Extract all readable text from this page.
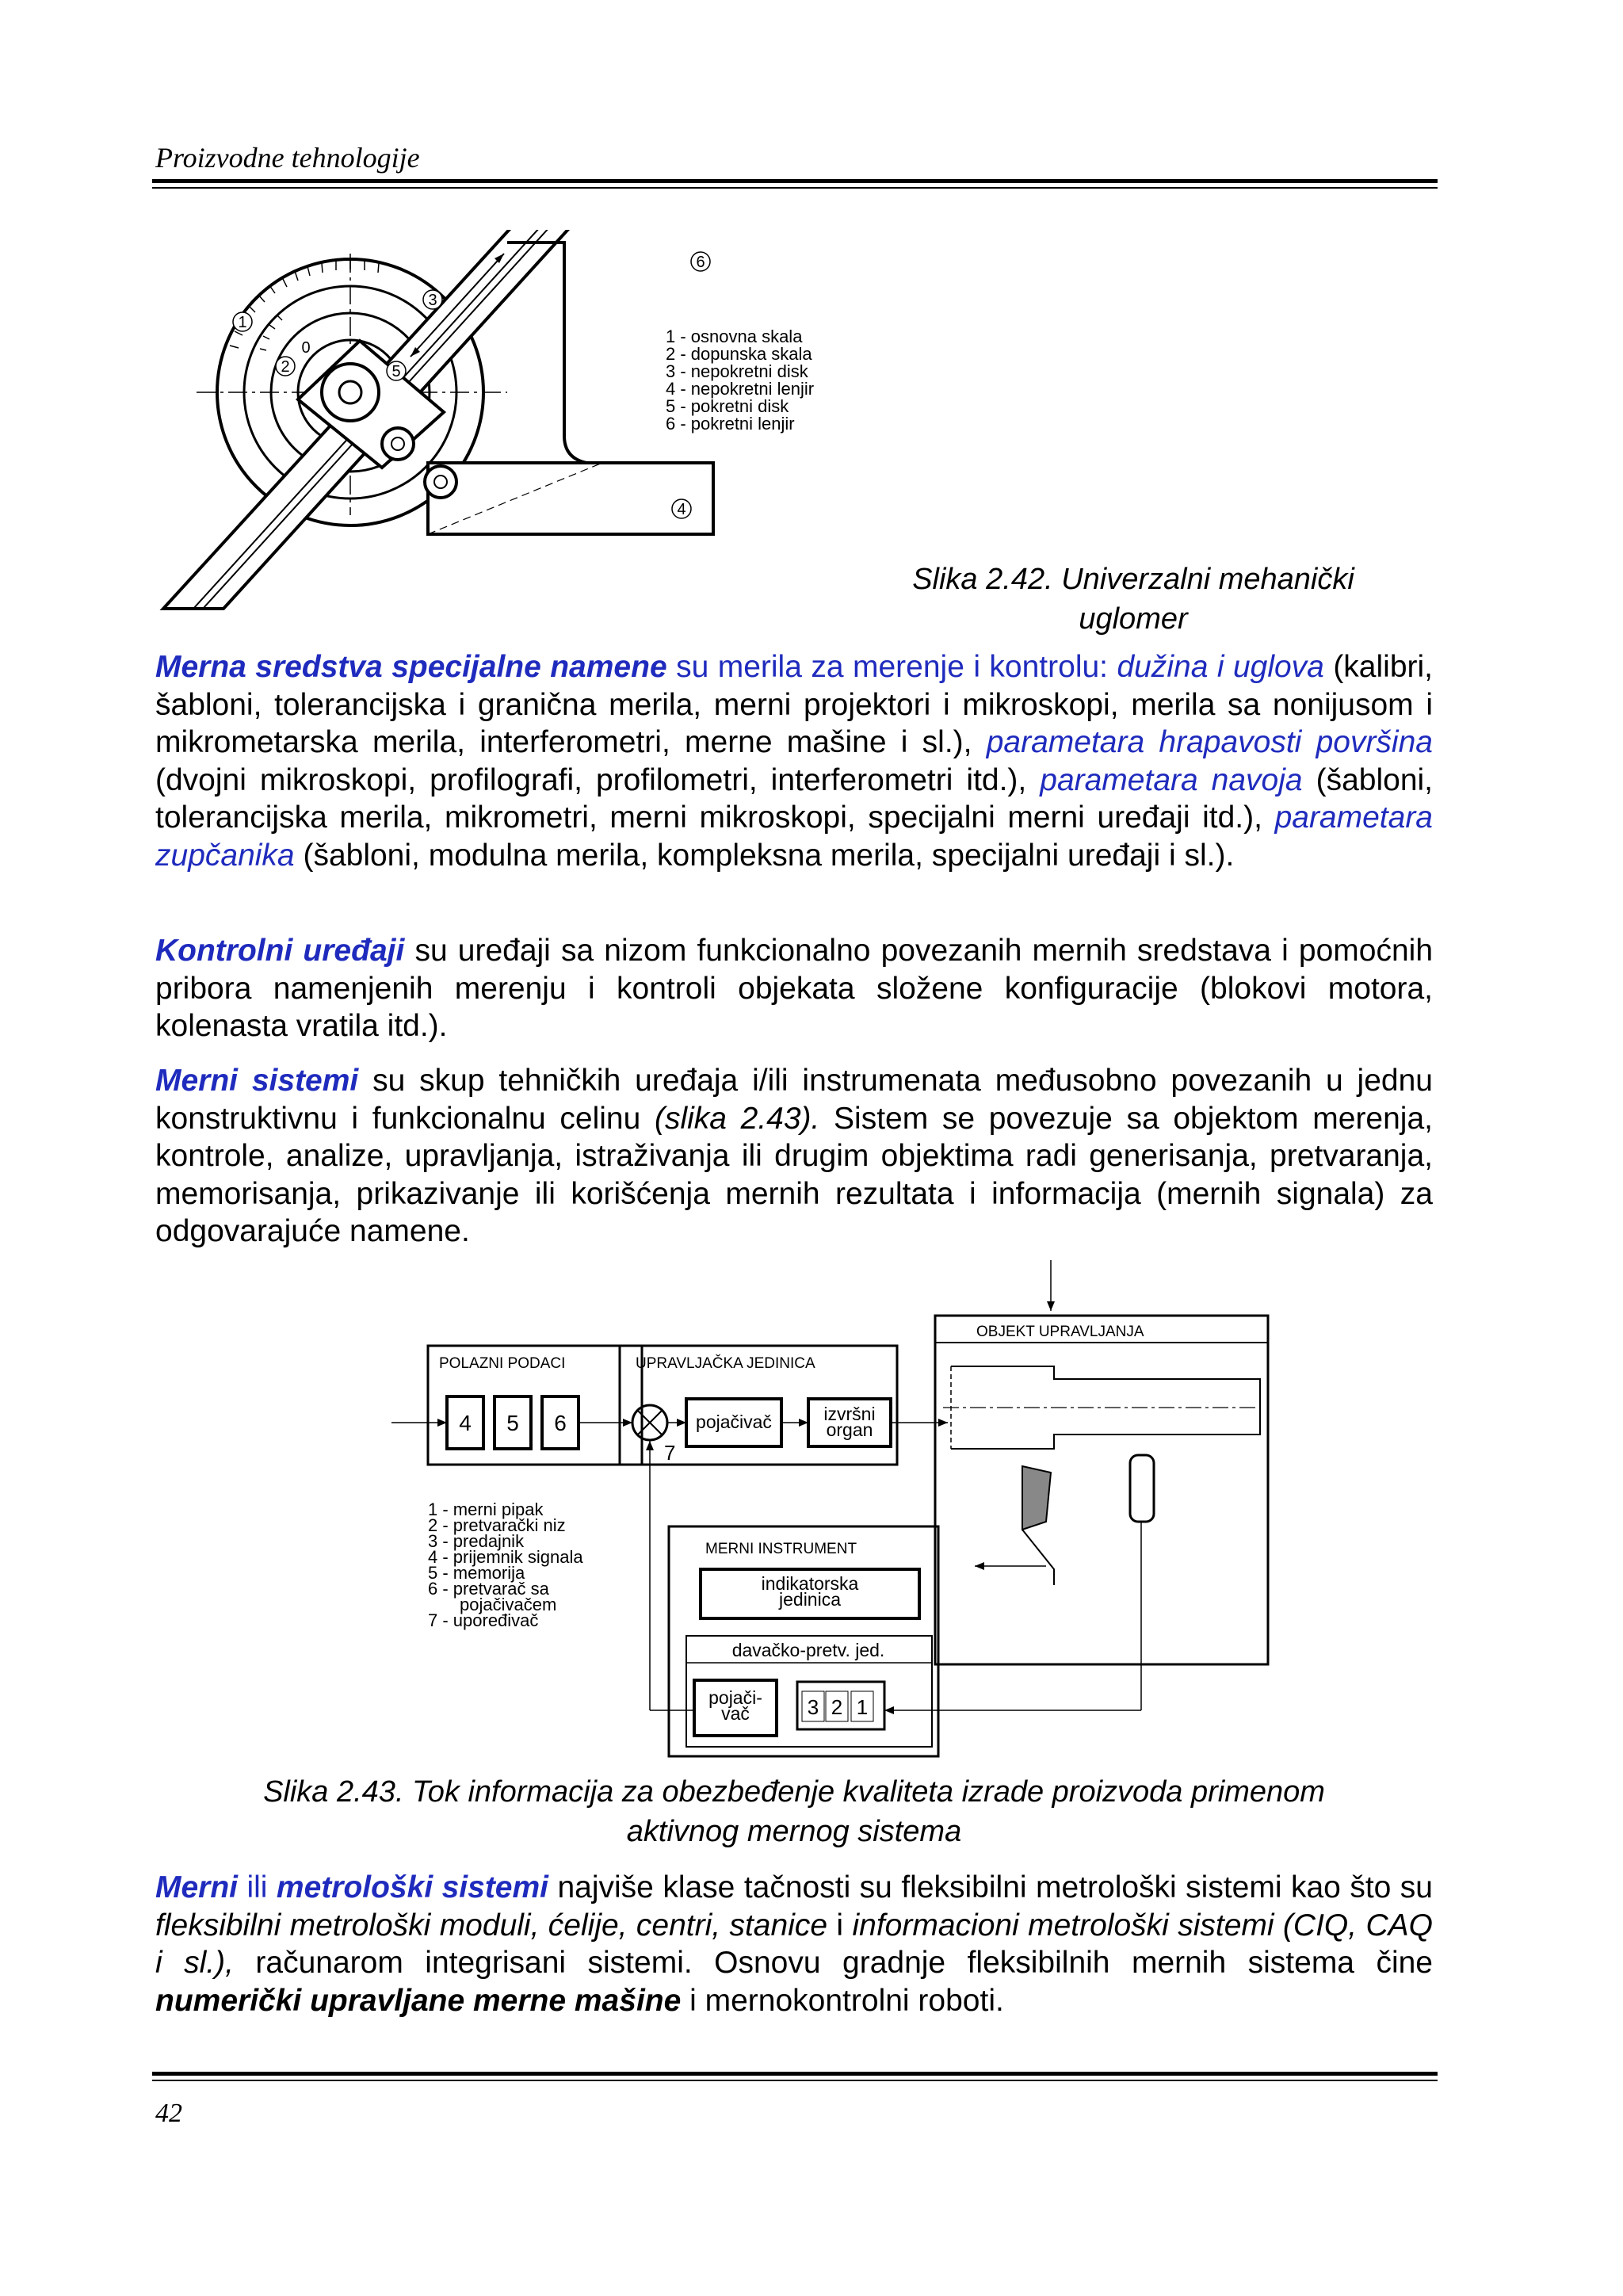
Proizvodne tehnologije
1
2
3
4
5
6
0
1 - osnovna skala
2 - dopunska skala
3 - nepokretni disk
4 - nepokretni lenjir
5 - pokretni disk
6 - pokretni lenjir
Slika 2.42. Univerzalni mehanički
uglomer
Merna sredstva specijalne namene su merila za merenje i kontrolu: dužina i uglova (kalibri, šabloni, tolerancijska i granična merila, merni projektori i mikroskopi, merila sa nonijusom i mikrometarska merila, interferometri, merne mašine i sl.), parametara hrapavosti površina (dvojni mikroskopi, profilografi, profilometri, interferometri itd.), parametara navoja (šabloni, tolerancijska merila, mikrometri, merni mikroskopi, specijalni merni uređaji itd.), parametara zupčanika (šabloni, modulna merila, kompleksna merila, specijalni uređaji i sl.).
Kontrolni uređaji su uređaji sa nizom funkcionalno povezanih mernih sredstava i pomoćnih pribora namenjenih merenju i kontroli objekata složene konfiguracije (blokovi motora, kolenasta vratila itd.).
Merni sistemi su skup tehničkih uređaja i/ili instrumenata međusobno povezanih u jednu konstruktivnu i funkcionalnu celinu (slika 2.43). Sistem se povezuje sa objektom merenja, kontrole, analize, upravljanja, istraživanja ili drugim objektima radi generisanja, pretvaranja, memorisanja, prikazivanje ili korišćenja mernih rezultata i informacija (mernih signala) za odgovarajuće namene.
POLAZNI PODACI	UPRAVLJAČKA JEDINICA
OBJEKT UPRAVLJANJA
MERNI INSTRUMENT
4 5 6
7
pojačivač	izvršni
organ
indikatorska
jedinica
davačko-pretv. jed.
pojači-
vač	3 2 1
1 - merni pipak
2 - pretvarački niz
3 - predajnik
4 - prijemnik signala
5 - memorija
6 - pretvarač sa
pojačivačem
7 - upoređivač
Slika 2.43. Tok informacija za obezbeđenje kvaliteta izrade proizvoda primenom
aktivnog mernog sistema
Merni ili metrološki sistemi najviše klase tačnosti su fleksibilni metrološki sistemi kao što su fleksibilni metrološki moduli, ćelije, centri, stanice i informacioni metrološki sistemi (CIQ, CAQ i sl.), računarom integrisani sistemi. Osnovu gradnje fleksibilnih mernih sistema čine numerički upravljane merne mašine i mernokontrolni roboti.
42
